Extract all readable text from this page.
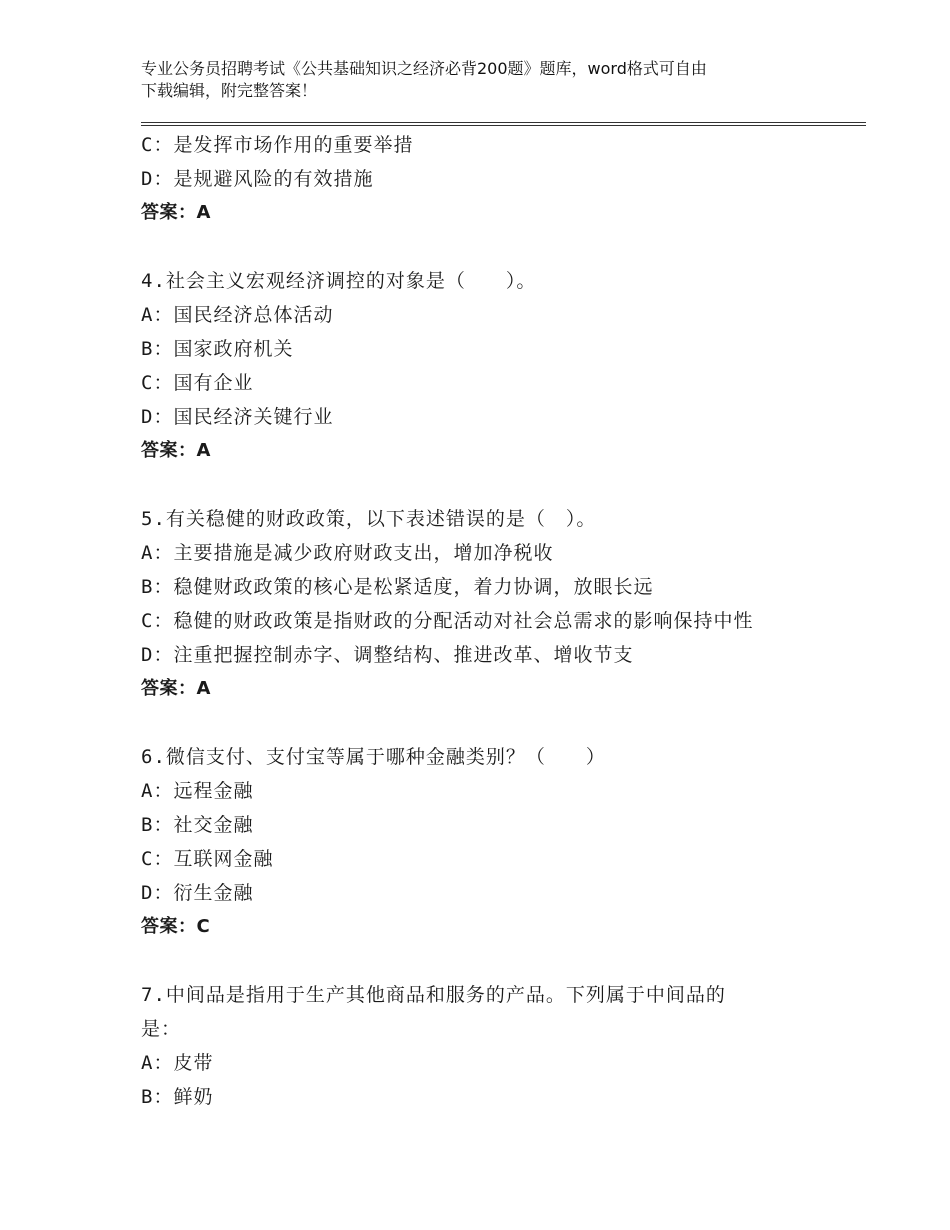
专业公务员招聘考试《公共基础知识之经济必背200题》题库，word格式可自由
下载编辑，附完整答案！
C：是发挥市场作用的重要举措
D：是规避风险的有效措施
答案：A
4.社会主义宏观经济调控的对象是（　　）。
A：国民经济总体活动
B：国家政府机关
C：国有企业
D：国民经济关键行业
答案：A
5.有关稳健的财政政策，以下表述错误的是（　）。
A：主要措施是减少政府财政支出，增加净税收
B：稳健财政政策的核心是松紧适度，着力协调，放眼长远
C：稳健的财政政策是指财政的分配活动对社会总需求的影响保持中性
D：注重把握控制赤字、调整结构、推进改革、增收节支
答案：A
6.微信支付、支付宝等属于哪种金融类别？（　　）
A：远程金融
B：社交金融
C：互联网金融
D：衍生金融
答案：C
7.中间品是指用于生产其他商品和服务的产品。下列属于中间品的
是：
A：皮带
B：鲜奶
